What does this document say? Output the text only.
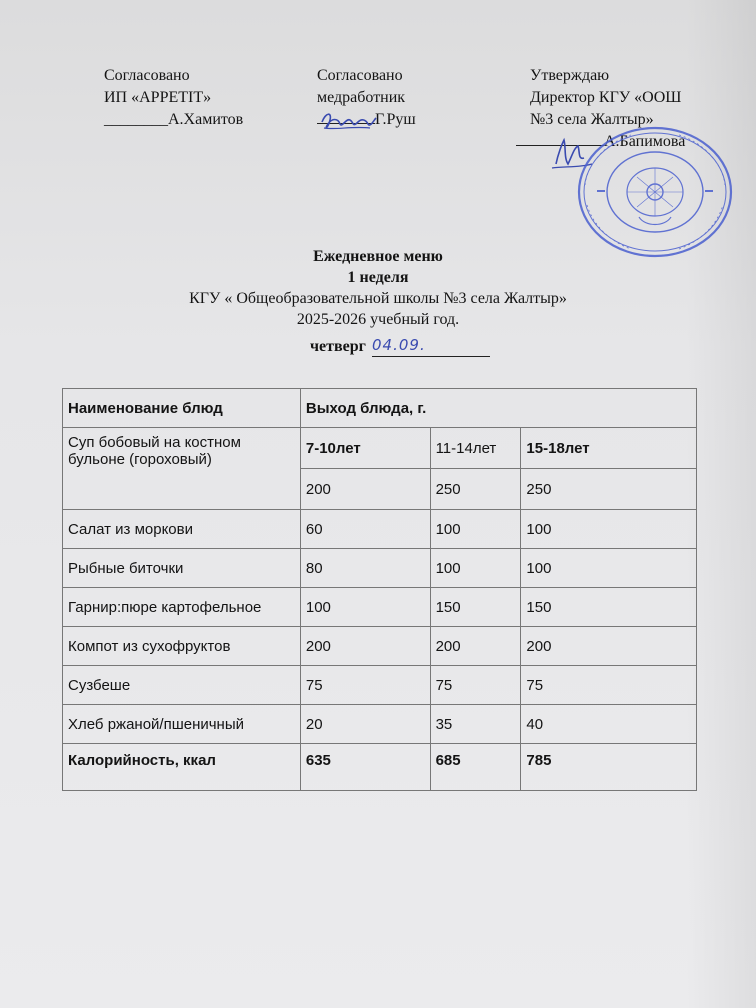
Согласовано
ИП «APPETIT»
________А.Хамитов
Согласовано
медработник
Г.Руш
Утверждаю
Директор КГУ «ООШ
№3 села Жалтыр»
А.Бапимова
Ежедневное меню
1 неделя
КГУ « Общеобразовательной школы №3 села Жалтыр»
2025-2026 учебный год.
четверг 04.09.
Наименование блюд	Выход блюда, г.		
Суп бобовый на костном бульоне (гороховый)	7-10лет	11-14лет	15-18лет
	200	250	250
Салат из моркови	60	100	100
Рыбные биточки	80	100	100
Гарнир:пюре картофельное	100	150	150
Компот из сухофруктов	200	200	200
Сузбеше	75	75	75
Хлеб ржаной/пшеничный	20	35	40
Калорийность, ккал	635	685	785
